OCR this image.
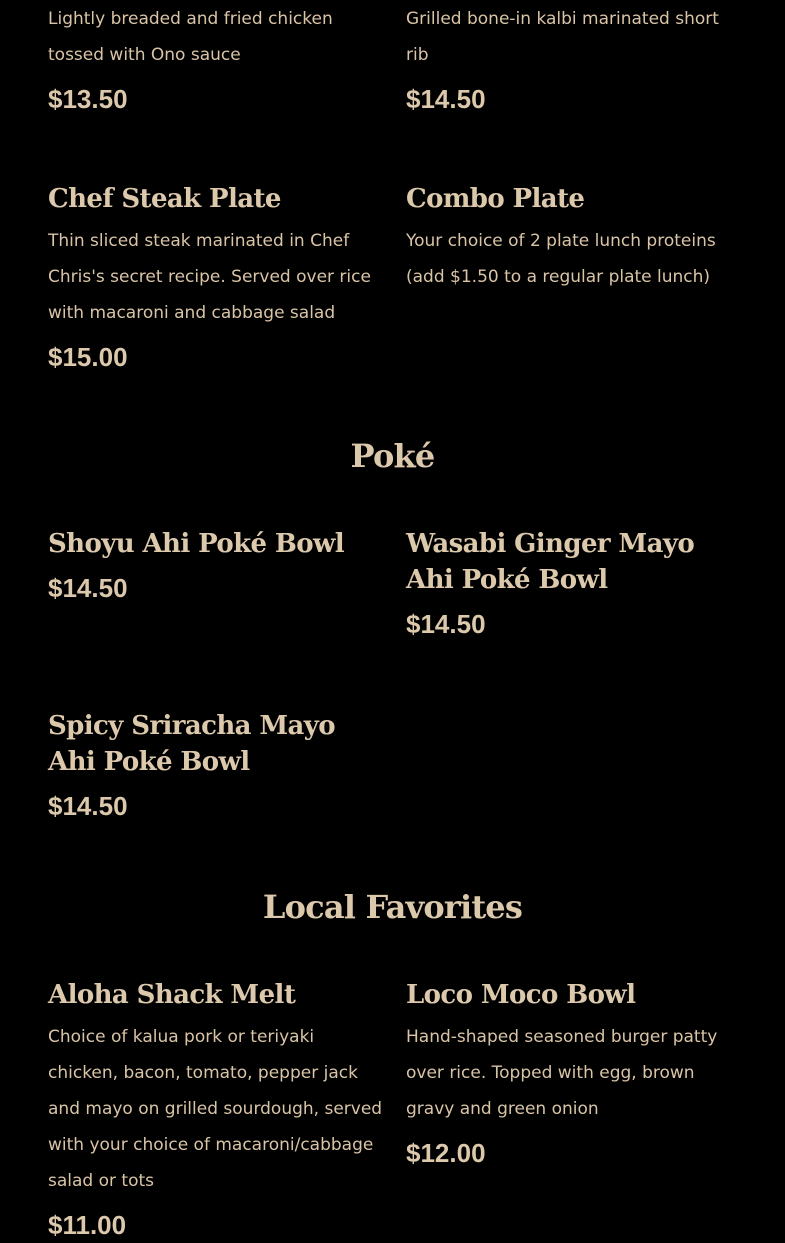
Lightly breaded and fried chicken tossed with Ono sauce

$13.50

Grilled bone-in kalbi marinated short rib

$14.50

Chef Steak Plate

Thin sliced steak marinated in Chef Chris's secret recipe. Served over rice with macaroni and cabbage salad

$15.00

Combo Plate

Your choice of 2 plate lunch proteins (add $1.50 to a regular plate lunch)

Poké

Shoyu Ahi Poké Bowl

$14.50

Wasabi Ginger Mayo Ahi Poké Bowl

$14.50

Spicy Sriracha Mayo Ahi Poké Bowl

$14.50

Local Favorites

Aloha Shack Melt

Choice of kalua pork or teriyaki chicken, bacon, tomato, pepper jack and mayo on grilled sourdough, served with your choice of macaroni/cabbage salad or tots

$11.00

Loco Moco Bowl

Hand-shaped seasoned burger patty over rice. Topped with egg, brown gravy and green onion

$12.00
